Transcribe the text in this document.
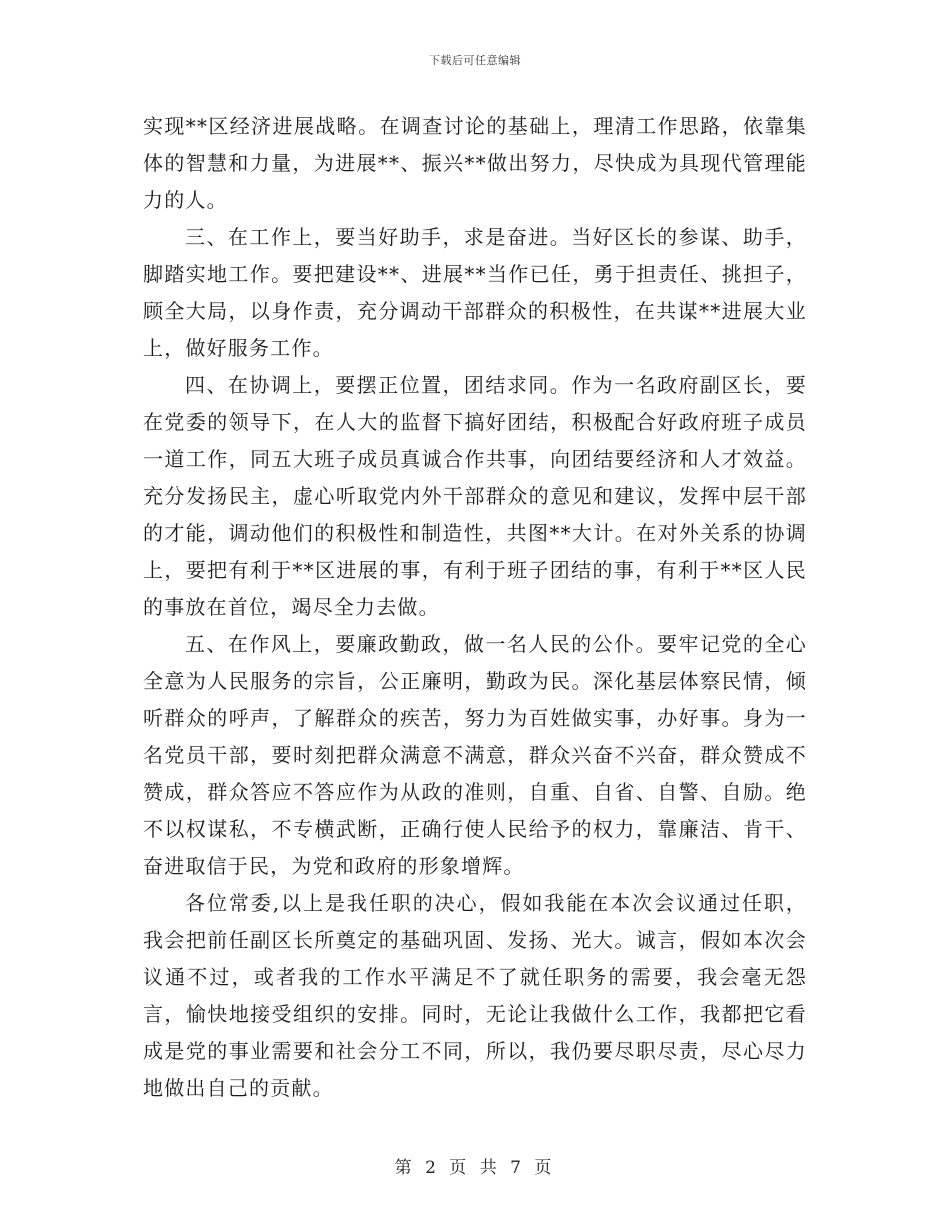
下载后可任意编辑

实现**区经济进展战略。在调查讨论的基础上，理清工作思路，依靠集体的智慧和力量，为进展**、振兴**做出努力，尽快成为具现代管理能力的人。

三、在工作上，要当好助手，求是奋进。当好区长的参谋、助手，脚踏实地工作。要把建设**、进展**当作已任，勇于担责任、挑担子，顾全大局，以身作责，充分调动干部群众的积极性，在共谋**进展大业上，做好服务工作。

四、在协调上，要摆正位置，团结求同。作为一名政府副区长，要在党委的领导下，在人大的监督下搞好团结，积极配合好政府班子成员一道工作，同五大班子成员真诚合作共事，向团结要经济和人才效益。充分发扬民主，虚心听取党内外干部群众的意见和建议，发挥中层干部的才能，调动他们的积极性和制造性，共图**大计。在对外关系的协调上，要把有利于**区进展的事，有利于班子团结的事，有利于**区人民的事放在首位，竭尽全力去做。

五、在作风上，要廉政勤政，做一名人民的公仆。要牢记党的全心全意为人民服务的宗旨，公正廉明，勤政为民。深化基层体察民情，倾听群众的呼声，了解群众的疾苦，努力为百姓做实事，办好事。身为一名党员干部，要时刻把群众满意不满意，群众兴奋不兴奋，群众赞成不赞成，群众答应不答应作为从政的准则，自重、自省、自警、自励。绝不以权谋私，不专横武断，正确行使人民给予的权力，靠廉洁、肯干、奋进取信于民，为党和政府的形象增辉。

各位常委,以上是我任职的决心，假如我能在本次会议通过任职，我会把前任副区长所奠定的基础巩固、发扬、光大。诚言，假如本次会议通不过，或者我的工作水平满足不了就任职务的需要，我会毫无怨言，愉快地接受组织的安排。同时，无论让我做什么工作，我都把它看成是党的事业需要和社会分工不同，所以，我仍要尽职尽责，尽心尽力地做出自己的贡献。

第 2 页 共 7 页
